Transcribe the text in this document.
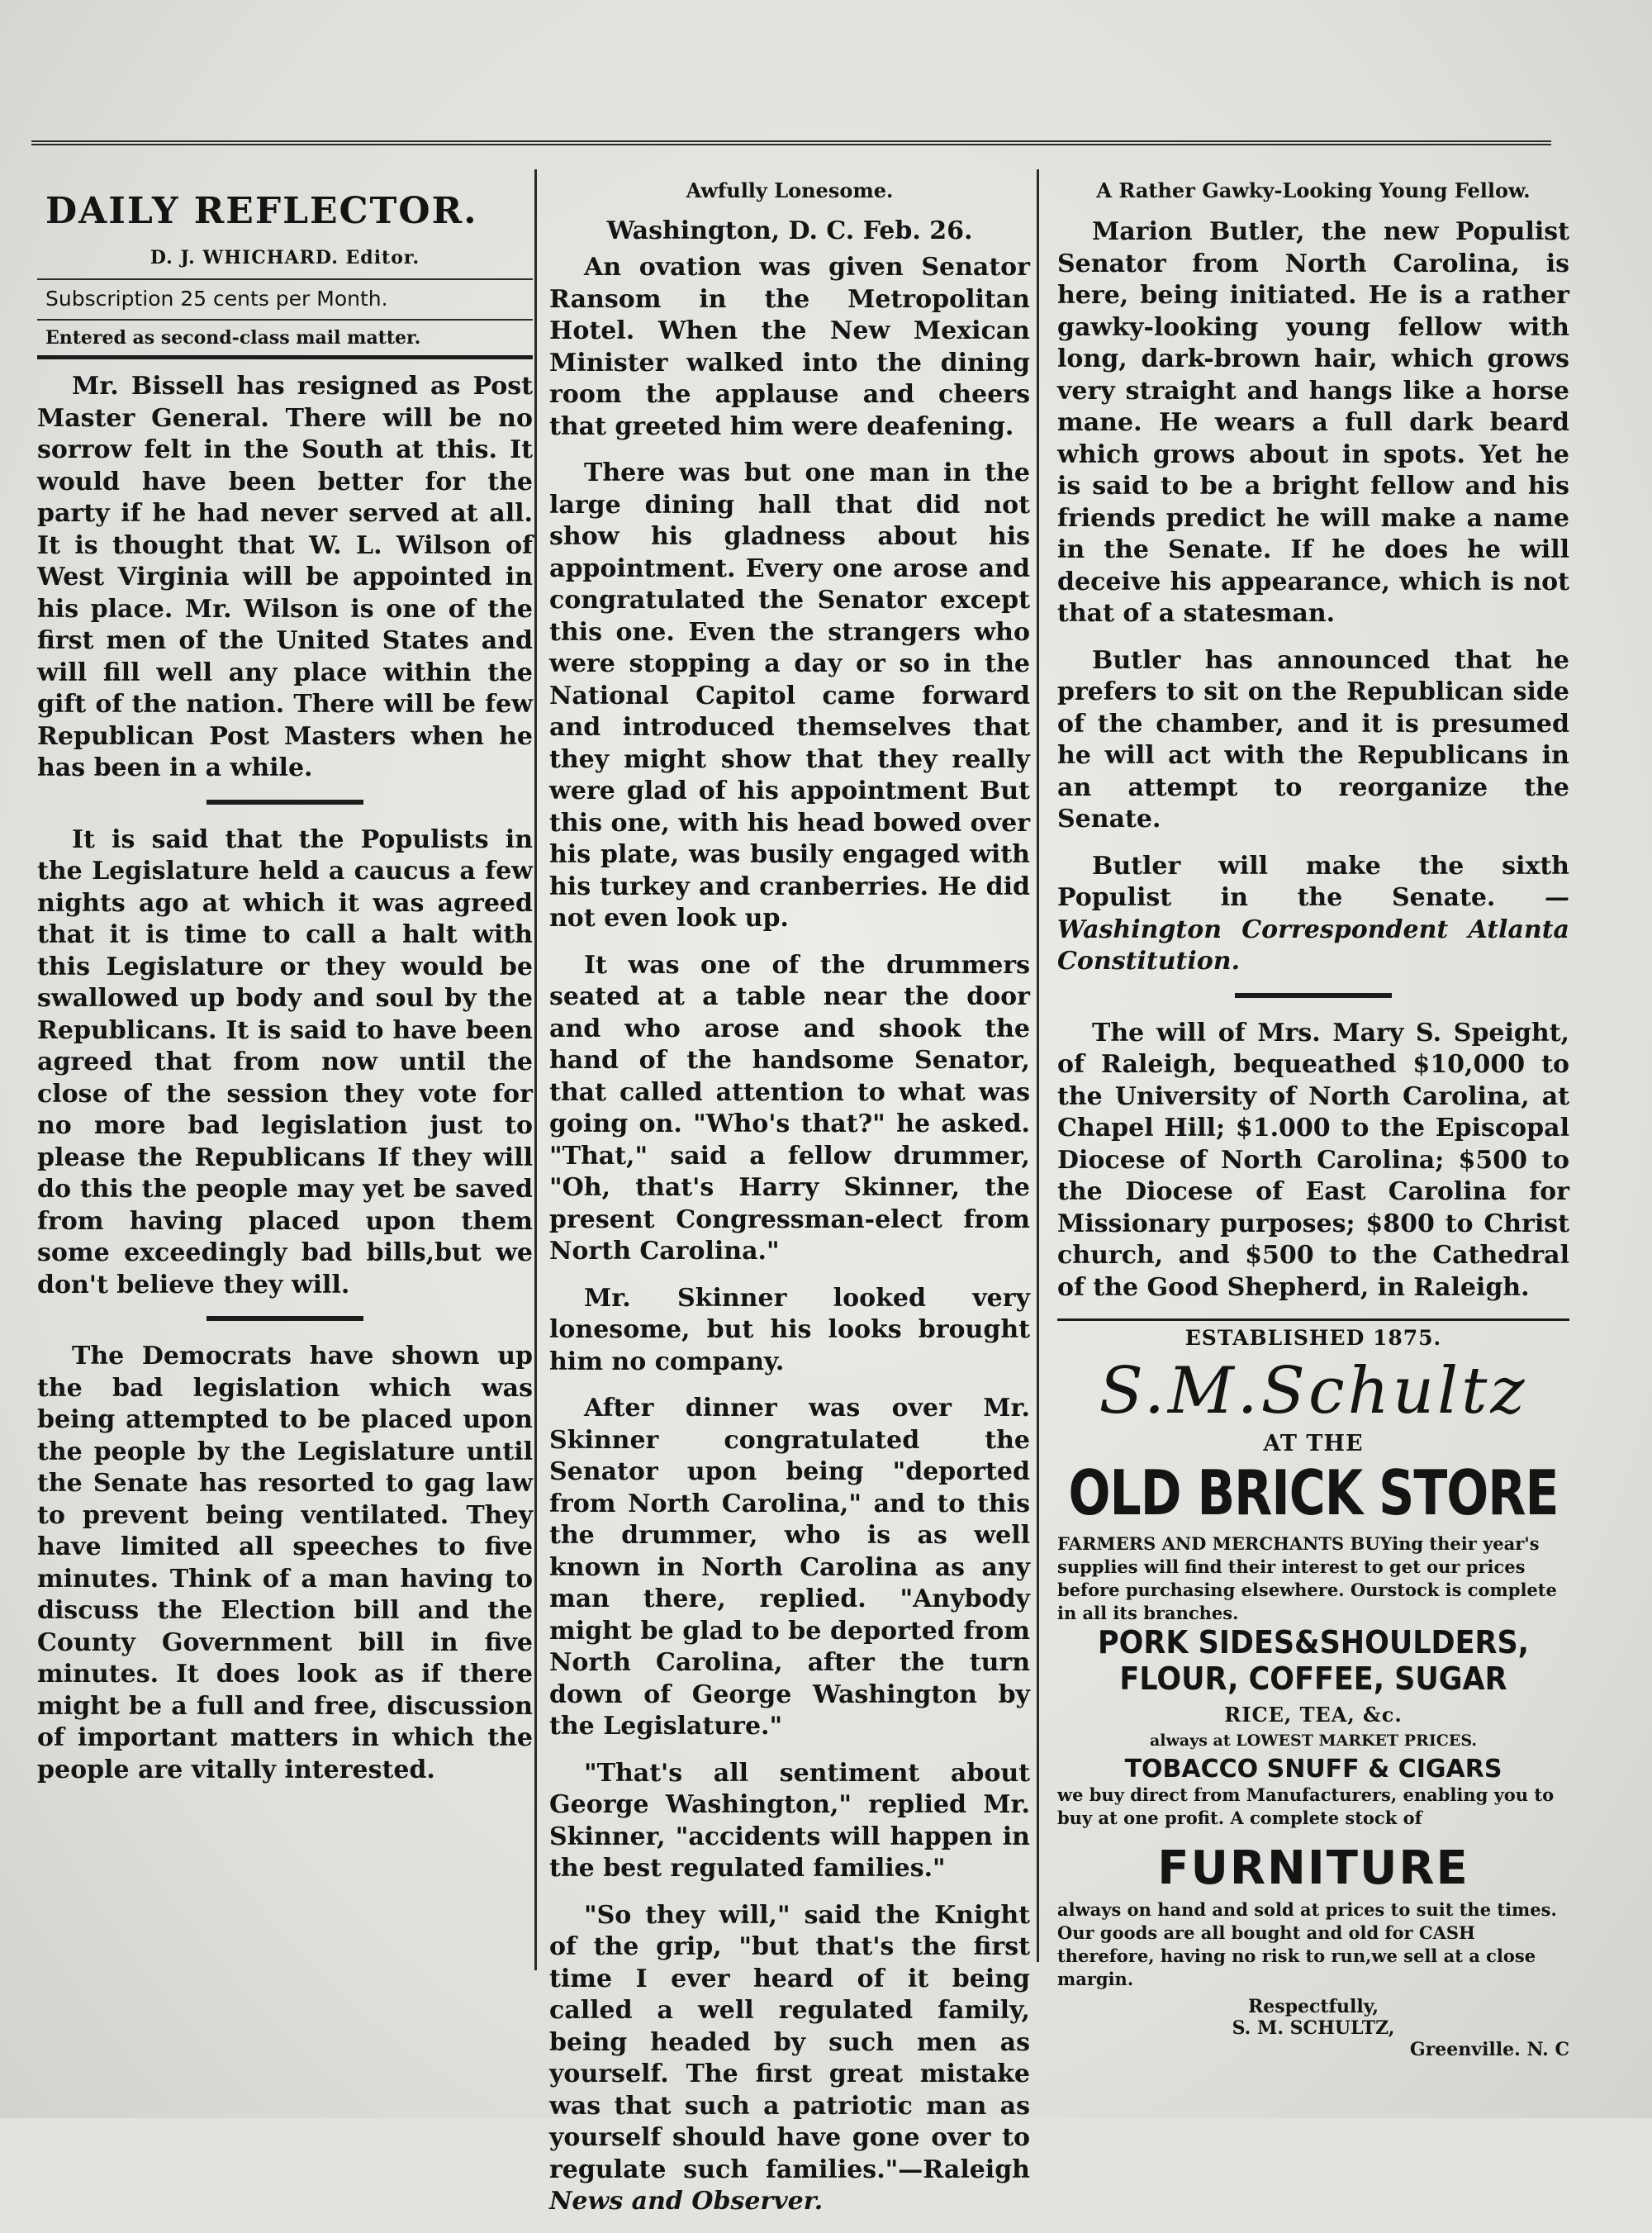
DAILY REFLECTOR.
D. J. WHICHARD. Editor.
Subscription 25 cents per Month.
Entered as second-class mail matter.

Mr. Bissell has resigned as Post Master General. There will be no sorrow felt in the South at this. It would have been better for the party if he had never served at all. It is thought that W. L. Wilson of West Virginia will be appointed in his place. Mr. Wilson is one of the first men of the United States and will fill well any place within the gift of the nation. There will be few Republican Post Masters when he has been in a while.

It is said that the Populists in the Legislature held a caucus a few nights ago at which it was agreed that it is time to call a halt with this Legislature or they would be swallowed up body and soul by the Republicans. It is said to have been agreed that from now until the close of the session they vote for no more bad legislation just to please the Republicans If they will do this the people may yet be saved from having placed upon them some exceedingly bad bills,but we don't believe they will.

The Democrats have shown up the bad legislation which was being attempted to be placed upon the people by the Legislature until the Senate has resorted to gag law to prevent being ventilated. They have limited all speeches to five minutes. Think of a man having to discuss the Election bill and the County Government bill in five minutes. It does look as if there might be a full and free, discussion of important matters in which the people are vitally interested.

Awfully Lonesome.
Washington, D. C. Feb. 26.

An ovation was given Senator Ransom in the Metropolitan Hotel. When the New Mexican Minister walked into the dining room the applause and cheers that greeted him were deafening.

There was but one man in the large dining hall that did not show his gladness about his appointment. Every one arose and congratulated the Senator except this one. Even the strangers who were stopping a day or so in the National Capitol came forward and introduced themselves that they might show that they really were glad of his appointment But this one, with his head bowed over his plate, was busily engaged with his turkey and cranberries. He did not even look up.

It was one of the drummers seated at a table near the door and who arose and shook the hand of the handsome Senator, that called attention to what was going on. "Who's that?" he asked. "That," said a fellow drummer, "Oh, that's Harry Skinner, the present Congressman-elect from North Carolina."

Mr. Skinner looked very lonesome, but his looks brought him no company.

After dinner was over Mr. Skinner congratulated the Senator upon being "deported from North Carolina," and to this the drummer, who is as well known in North Carolina as any man there, replied. "Anybody might be glad to be deported from North Carolina, after the turn down of George Washington by the Legislature."

"That's all sentiment about George Washington," replied Mr. Skinner, "accidents will happen in the best regulated families."

"So they will," said the Knight of the grip, "but that's the first time I ever heard of it being called a well regulated family, being headed by such men as yourself. The first great mistake was that such a patriotic man as yourself should have gone over to regulate such families."—Raleigh News and Observer.

A Rather Gawky-Looking Young Fellow.

Marion Butler, the new Populist Senator from North Carolina, is here, being initiated. He is a rather gawky-looking young fellow with long, dark-brown hair, which grows very straight and hangs like a horse mane. He wears a full dark beard which grows about in spots. Yet he is said to be a bright fellow and his friends predict he will make a name in the Senate. If he does he will deceive his appearance, which is not that of a statesman.

Butler has announced that he prefers to sit on the Republican side of the chamber, and it is presumed he will act with the Republicans in an attempt to reorganize the Senate.

Butler will make the sixth Populist in the Senate. —Washington Correspondent Atlanta Constitution.

The will of Mrs. Mary S. Speight, of Raleigh, bequeathed $10,000 to the University of North Carolina, at Chapel Hill; $1.000 to the Episcopal Diocese of North Carolina; $500 to the Diocese of East Carolina for Missionary purposes; $800 to Christ church, and $500 to the Cathedral of the Good Shepherd, in Raleigh.

ESTABLISHED 1875.
S.M.Schultz
AT THE
OLD BRICK STORE
FARMERS AND MERCHANTS BUYing their year's supplies will find their interest to get our prices before purchasing elsewhere. Ourstock is complete in all its branches.
PORK SIDES&SHOULDERS,
FLOUR, COFFEE, SUGAR
RICE, TEA, &c.
always at LOWEST MARKET PRICES.
TOBACCO SNUFF & CIGARS
we buy direct from Manufacturers, enabling you to buy at one profit. A complete stock of
FURNITURE
always on hand and sold at prices to suit the times. Our goods are all bought and old for CASH therefore, having no risk to run,we sell at a close margin.
Respectfully,
S. M. SCHULTZ,
Greenville. N. C
